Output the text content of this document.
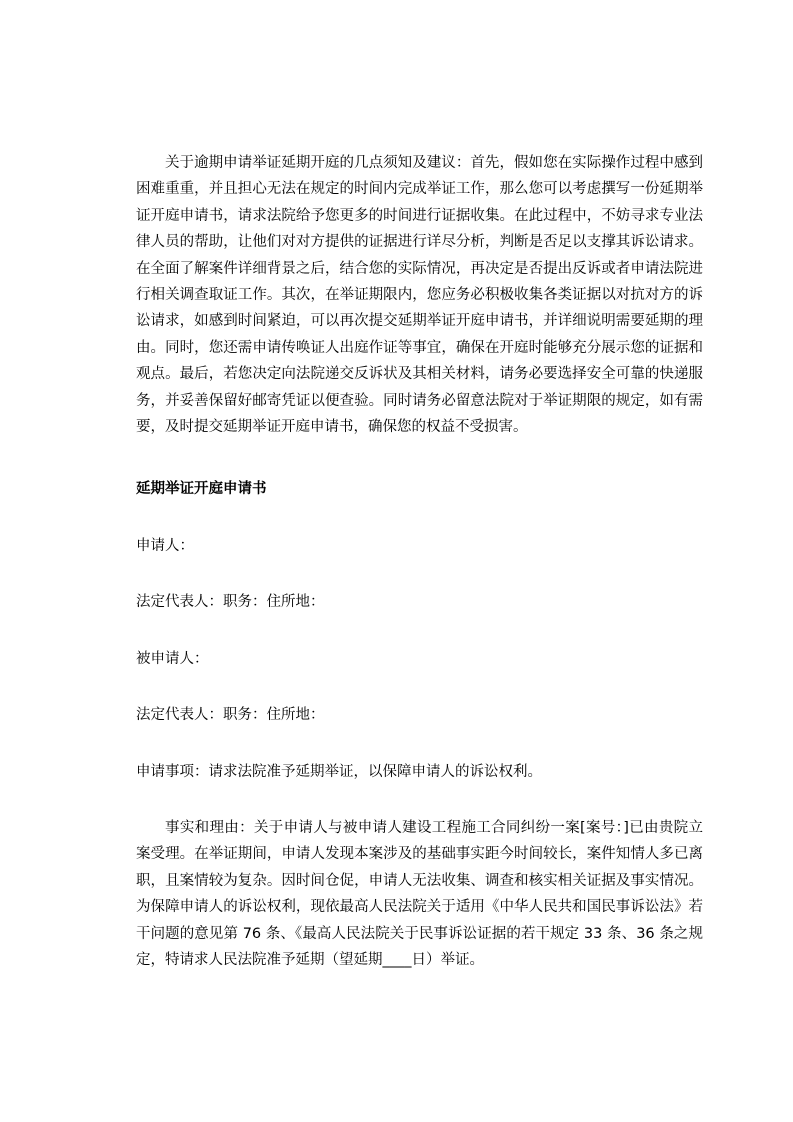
关于逾期申请举证延期开庭的几点须知及建议：首先，假如您在实际操作过程中感到困难重重，并且担心无法在规定的时间内完成举证工作，那么您可以考虑撰写一份延期举证开庭申请书，请求法院给予您更多的时间进行证据收集。在此过程中，不妨寻求专业法律人员的帮助，让他们对对方提供的证据进行详尽分析，判断是否足以支撑其诉讼请求。在全面了解案件详细背景之后，结合您的实际情况，再决定是否提出反诉或者申请法院进行相关调查取证工作。其次，在举证期限内，您应务必积极收集各类证据以对抗对方的诉讼请求，如感到时间紧迫，可以再次提交延期举证开庭申请书，并详细说明需要延期的理由。同时，您还需申请传唤证人出庭作证等事宜，确保在开庭时能够充分展示您的证据和观点。最后，若您决定向法院递交反诉状及其相关材料，请务必要选择安全可靠的快递服务，并妥善保留好邮寄凭证以便查验。同时请务必留意法院对于举证期限的规定，如有需要，及时提交延期举证开庭申请书，确保您的权益不受损害。

延期举证开庭申请书

申请人：

法定代表人：职务：住所地：

被申请人：

法定代表人：职务：住所地：

申请事项：请求法院准予延期举证，以保障申请人的诉讼权利。

事实和理由：关于申请人与被申请人建设工程施工合同纠纷一案[案号：]已由贵院立案受理。在举证期间，申请人发现本案涉及的基础事实距今时间较长，案件知情人多已离职，且案情较为复杂。因时间仓促，申请人无法收集、调查和核实相关证据及事实情况。为保障申请人的诉讼权利，现依最高人民法院关于适用《中华人民共和国民事诉讼法》若干问题的意见第 76 条、《最高人民法院关于民事诉讼证据的若干规定 33 条、36 条之规定，特请求人民法院准予延期（望延期____日）举证。
